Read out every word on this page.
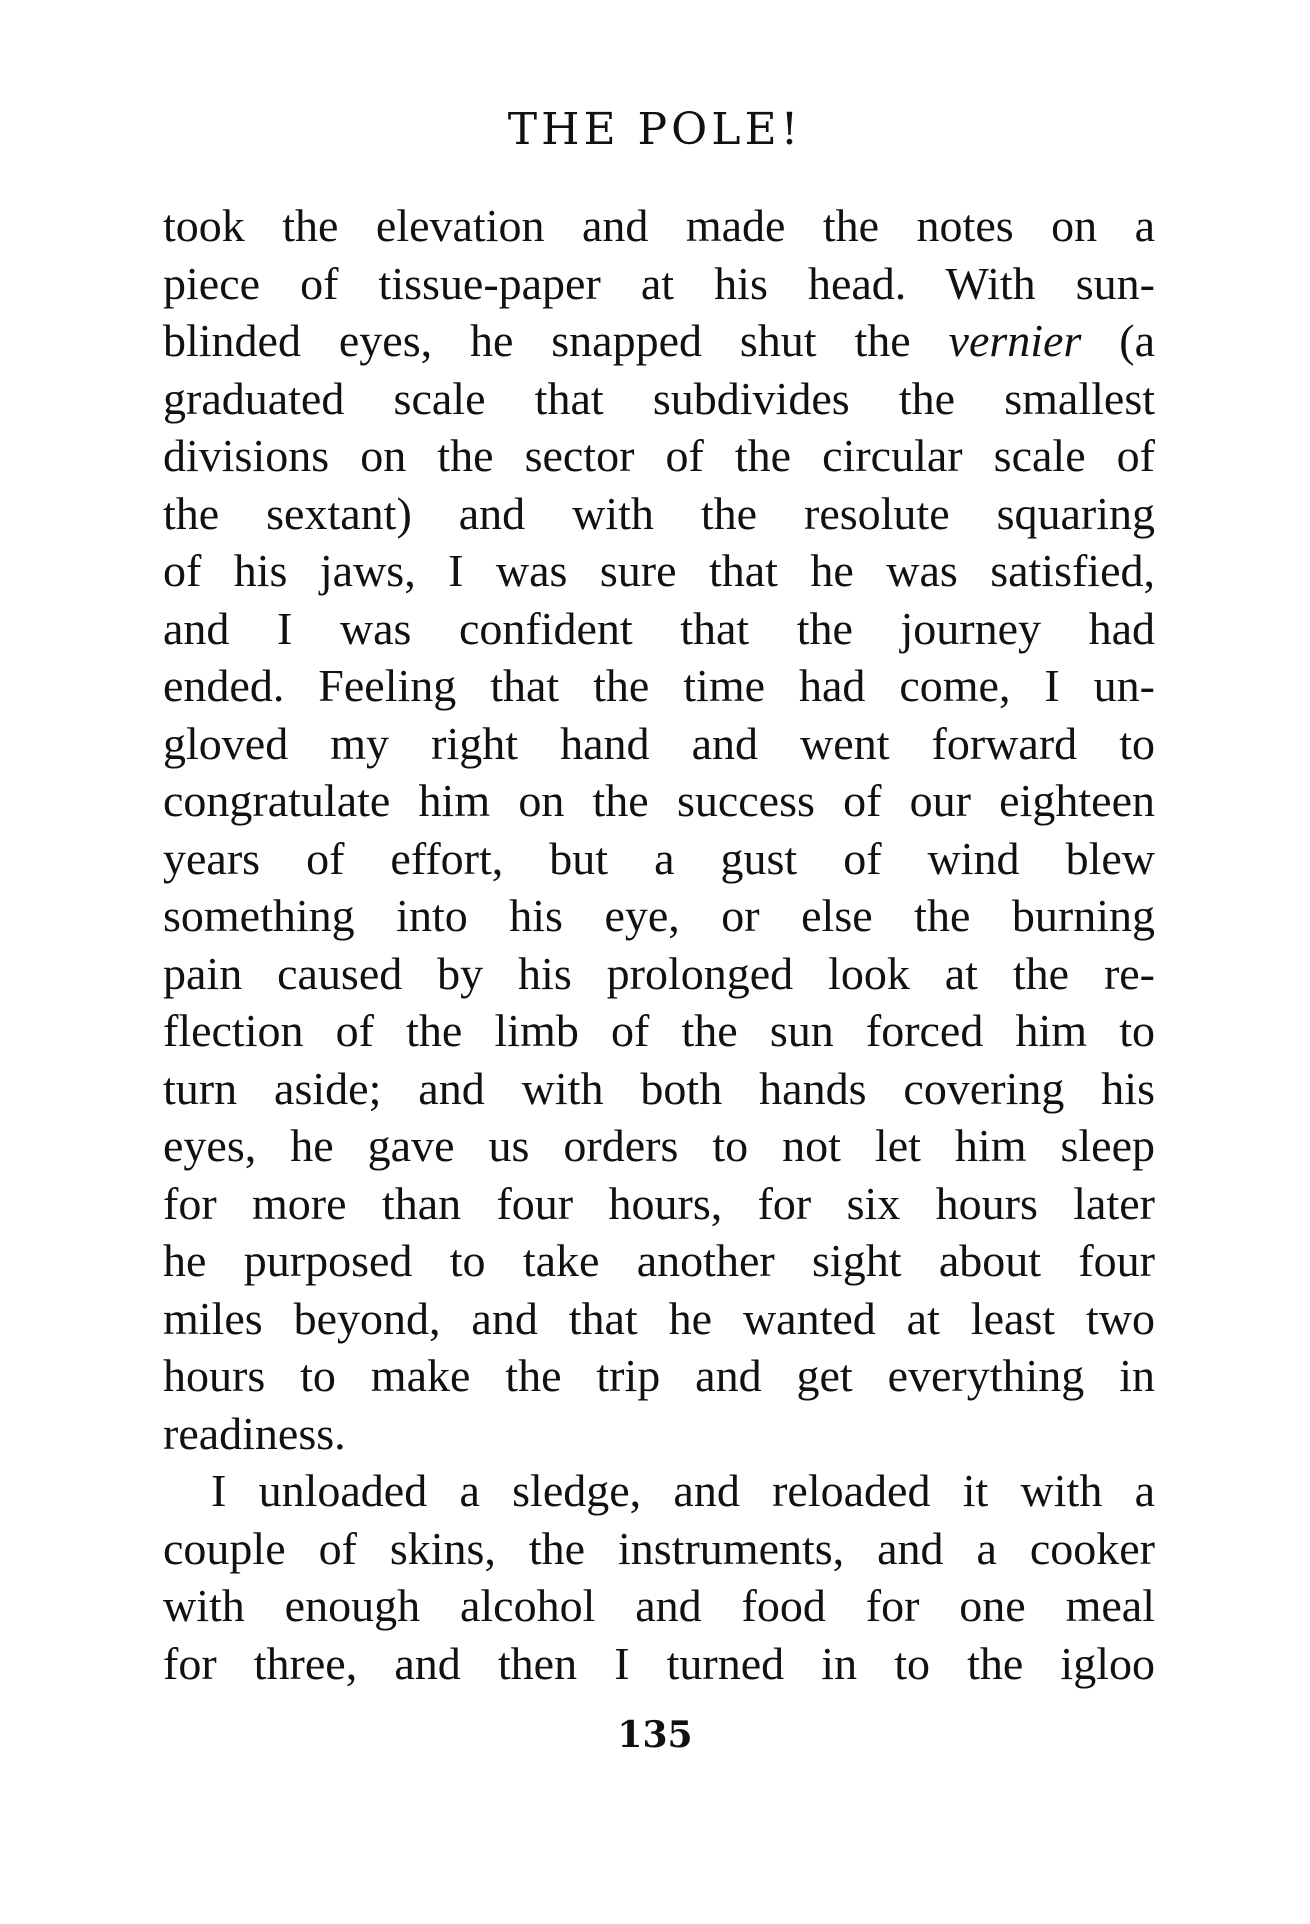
THE POLE!
took the elevation and made the notes on a
piece of tissue-paper at his head. With sun-
blinded eyes, he snapped shut the vernier (a
graduated scale that subdivides the smallest
divisions on the sector of the circular scale of
the sextant) and with the resolute squaring
of his jaws, I was sure that he was satisfied,
and I was confident that the journey had
ended. Feeling that the time had come, I un-
gloved my right hand and went forward to
congratulate him on the success of our eighteen
years of effort, but a gust of wind blew
something into his eye, or else the burning
pain caused by his prolonged look at the re-
flection of the limb of the sun forced him to
turn aside; and with both hands covering his
eyes, he gave us orders to not let him sleep
for more than four hours, for six hours later
he purposed to take another sight about four
miles beyond, and that he wanted at least two
hours to make the trip and get everything in
readiness.
I unloaded a sledge, and reloaded it with a
couple of skins, the instruments, and a cooker
with enough alcohol and food for one meal
for three, and then I turned in to the igloo
135
